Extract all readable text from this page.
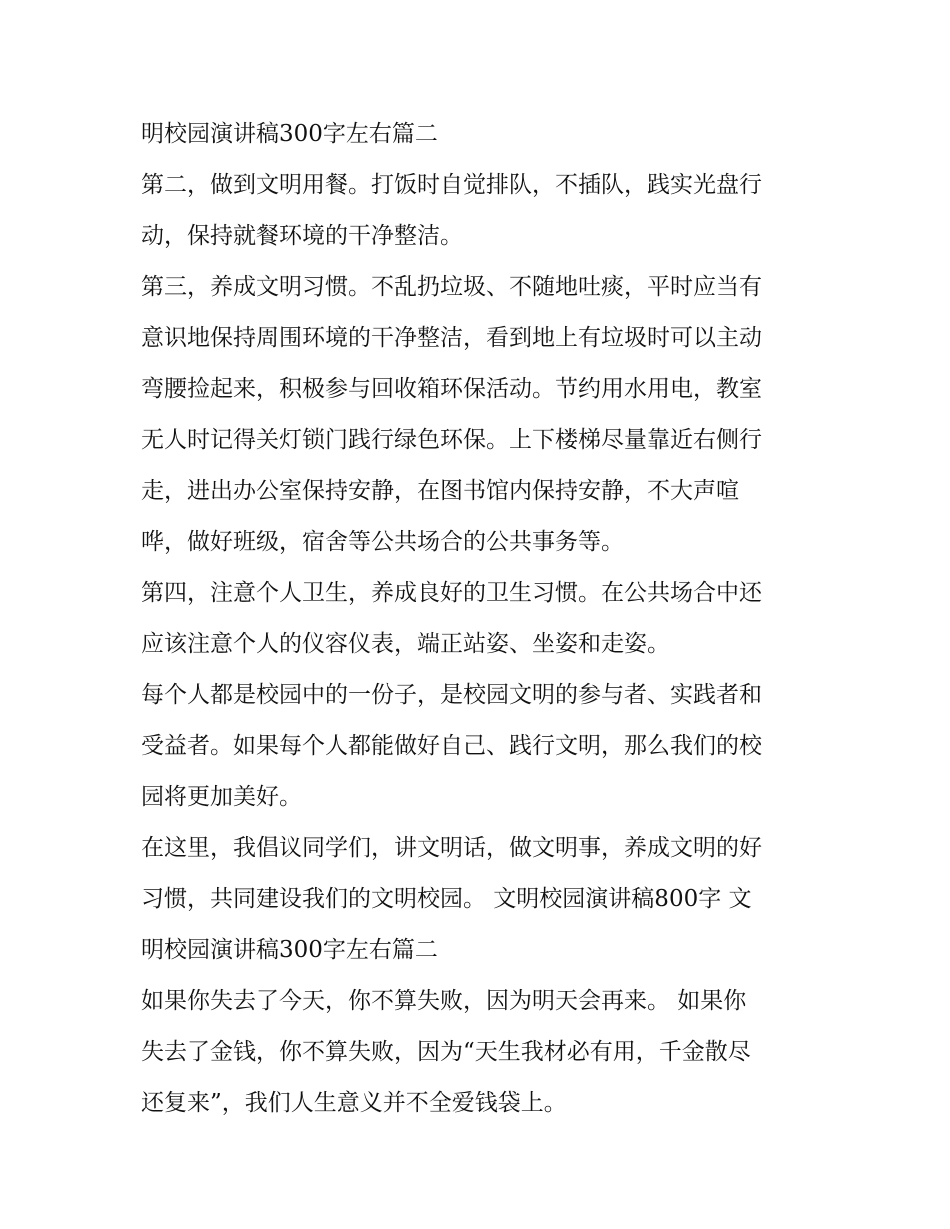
明校园演讲稿300字左右篇二
第二，做到文明用餐。打饭时自觉排队，不插队，践实光盘行
动，保持就餐环境的干净整洁。
第三，养成文明习惯。不乱扔垃圾、不随地吐痰，平时应当有
意识地保持周围环境的干净整洁，看到地上有垃圾时可以主动
弯腰捡起来，积极参与回收箱环保活动。节约用水用电，教室
无人时记得关灯锁门践行绿色环保。上下楼梯尽量靠近右侧行
走，进出办公室保持安静，在图书馆内保持安静，不大声喧
哗，做好班级，宿舍等公共场合的公共事务等。
第四，注意个人卫生，养成良好的卫生习惯。在公共场合中还
应该注意个人的仪容仪表，端正站姿、坐姿和走姿。
每个人都是校园中的一份子，是校园文明的参与者、实践者和
受益者。如果每个人都能做好自己、践行文明，那么我们的校
园将更加美好。
在这里，我倡议同学们，讲文明话，做文明事，养成文明的好
习惯，共同建设我们的文明校园。 文明校园演讲稿800字 文
明校园演讲稿300字左右篇二
如果你失去了今天，你不算失败，因为明天会再来。 如果你
失去了金钱，你不算失败，因为“天生我材必有用，千金散尽
还复来”，我们人生意义并不全爱钱袋上。
